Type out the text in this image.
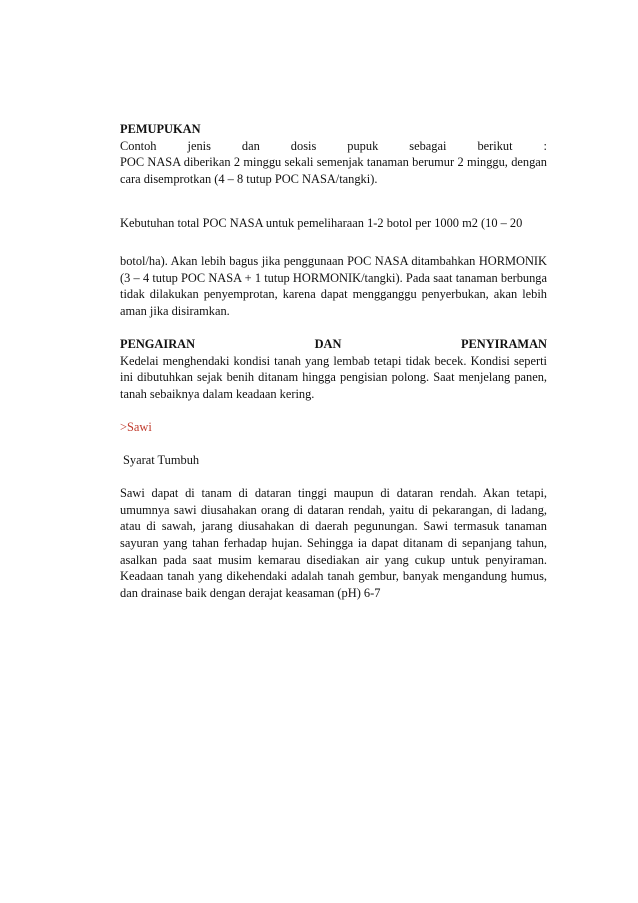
PEMUPUKAN

Contoh jenis dan dosis pupuk sebagai berikut :

POC NASA diberikan 2 minggu sekali semenjak tanaman berumur 2 minggu, dengan cara disemprotkan (4 – 8 tutup POC NASA/tangki).

Kebutuhan total POC NASA untuk pemeliharaan 1-2 botol per 1000 m2 (10 – 20

botol/ha). Akan lebih bagus jika penggunaan POC NASA ditambahkan HORMONIK (3 – 4 tutup POC NASA + 1 tutup HORMONIK/tangki). Pada saat tanaman berbunga tidak dilakukan penyemprotan, karena dapat mengganggu penyerbukan, akan lebih aman jika disiramkan.

PENGAIRAN DAN PENYIRAMAN

Kedelai menghendaki kondisi tanah yang lembab tetapi tidak becek. Kondisi seperti ini dibutuhkan sejak benih ditanam hingga pengisian polong. Saat menjelang panen, tanah sebaiknya dalam keadaan kering.

>Sawi

Syarat Tumbuh

Sawi dapat di tanam di dataran tinggi maupun di dataran rendah. Akan tetapi, umumnya sawi diusahakan orang di dataran rendah, yaitu di pekarangan, di ladang, atau di sawah, jarang diusahakan di daerah pegunungan. Sawi termasuk tanaman sayuran yang tahan ferhadap hujan. Sehingga ia dapat ditanam di sepanjang tahun, asalkan pada saat musim kemarau disediakan air yang cukup untuk penyiraman. Keadaan tanah yang dikehendaki adalah tanah gembur, banyak mengandung humus, dan drainase baik dengan derajat keasaman (pH) 6-7
